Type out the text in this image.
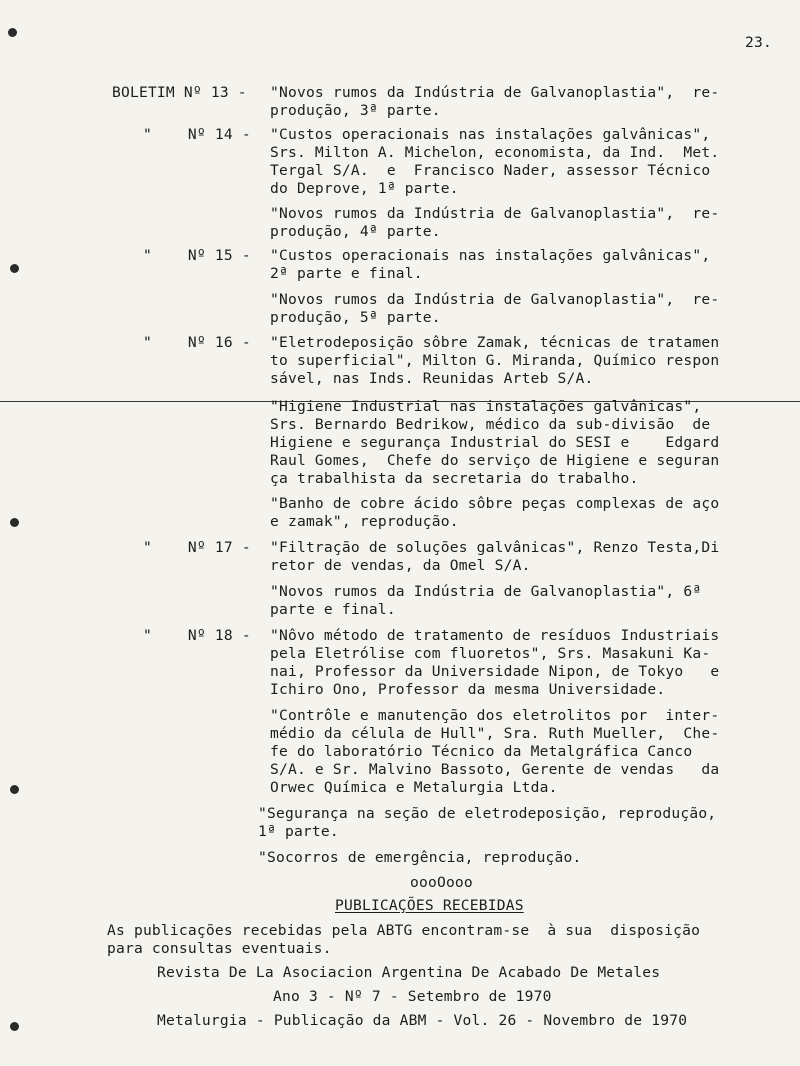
23.
BOLETIM Nº 13 - "Novos rumos da Indústria de Galvanoplastia",  re-
produção, 3ª parte.
"    Nº 14 - "Custos operacionais nas instalações galvânicas",
Srs. Milton A. Michelon, economista, da Ind.  Met.
Tergal S/A.  e  Francisco Nader, assessor Técnico
do Deprove, 1ª parte.
"Novos rumos da Indústria de Galvanoplastia",  re-
produção, 4ª parte.
"    Nº 15 - "Custos operacionais nas instalações galvânicas",
2ª parte e final.
"Novos rumos da Indústria de Galvanoplastia",  re-
produção, 5ª parte.
"    Nº 16 - "Eletrodeposição sôbre Zamak, técnicas de tratamen
to superficial", Milton G. Miranda, Químico respon
sável, nas Inds. Reunidas Arteb S/A.
"Higiene Industrial nas instalações galvânicas",
Srs. Bernardo Bedrikow, médico da sub-divisão  de
Higiene e segurança Industrial do SESI e    Edgard
Raul Gomes,  Chefe do serviço de Higiene e seguran
ça trabalhista da secretaria do trabalho.
"Banho de cobre ácido sôbre peças complexas de aço
e zamak", reprodução.
"    Nº 17 - "Filtração de soluções galvânicas", Renzo Testa,Di
retor de vendas, da Omel S/A.
"Novos rumos da Indústria de Galvanoplastia", 6ª
parte e final.
"    Nº 18 - "Nôvo método de tratamento de resíduos Industriais
pela Eletrólise com fluoretos", Srs. Masakuni Ka-
nai, Professor da Universidade Nipon, de Tokyo   e
Ichiro Ono, Professor da mesma Universidade.
"Contrôle e manutenção dos eletrolitos por  inter-
médio da célula de Hull", Sra. Ruth Mueller,  Che-
fe do laboratório Técnico da Metalgráfica Canco
S/A. e Sr. Malvino Bassoto, Gerente de vendas   da
Orwec Química e Metalurgia Ltda.
"Segurança na seção de eletrodeposição, reprodução,
1ª parte.
"Socorros de emergência, reprodução.
oooOooo
PUBLICAÇÕES RECEBIDAS
As publicações recebidas pela ABTG encontram-se  à sua  disposição
para consultas eventuais.
Revista De La Asociacion Argentina De Acabado De Metales
Ano 3 - Nº 7 - Setembro de 1970
Metalurgia - Publicação da ABM - Vol. 26 - Novembro de 1970
